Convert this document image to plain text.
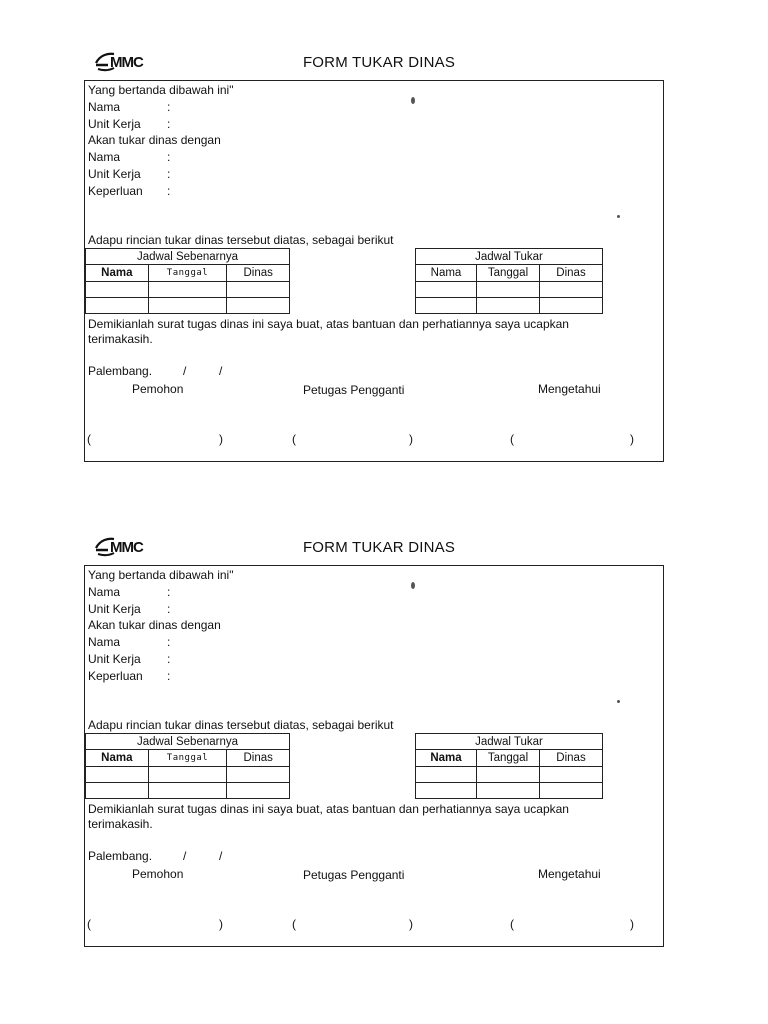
MMC	FORM TUKAR DINAS
Yang bertanda dibawah ini"
Nama	:
Unit Kerja :
Akan tukar dinas dengan
Nama	:
Unit Kerja :
Keperluan :
Adapu rincian tukar dinas tersebut diatas, sebagai berikut
Jadwal Sebenarnya		
Nama	Tanggal	Dinas

Jadwal Tukar		
Nama	Tanggal	Dinas

Demikianlah surat tugas dinas ini saya buat, atas bantuan dan perhatiannya saya ucapkan
terimakasih.
Palembang.	/	/
Pemohon	Petugas Pengganti	Mengetahui
(	)	(	)	(	)
MMC	FORM TUKAR DINAS
Yang bertanda dibawah ini"
Nama	:
Unit Kerja :
Akan tukar dinas dengan
Nama	:
Unit Kerja :
Keperluan :
Adapu rincian tukar dinas tersebut diatas, sebagai berikut
Jadwal Sebenarnya		
Nama	Tanggal	Dinas

Jadwal Tukar		
Nama	Tanggal	Dinas

Demikianlah surat tugas dinas ini saya buat, atas bantuan dan perhatiannya saya ucapkan
terimakasih.
Palembang.	/	/
Pemohon	Petugas Pengganti	Mengetahui
(	)	(	)	(	)
